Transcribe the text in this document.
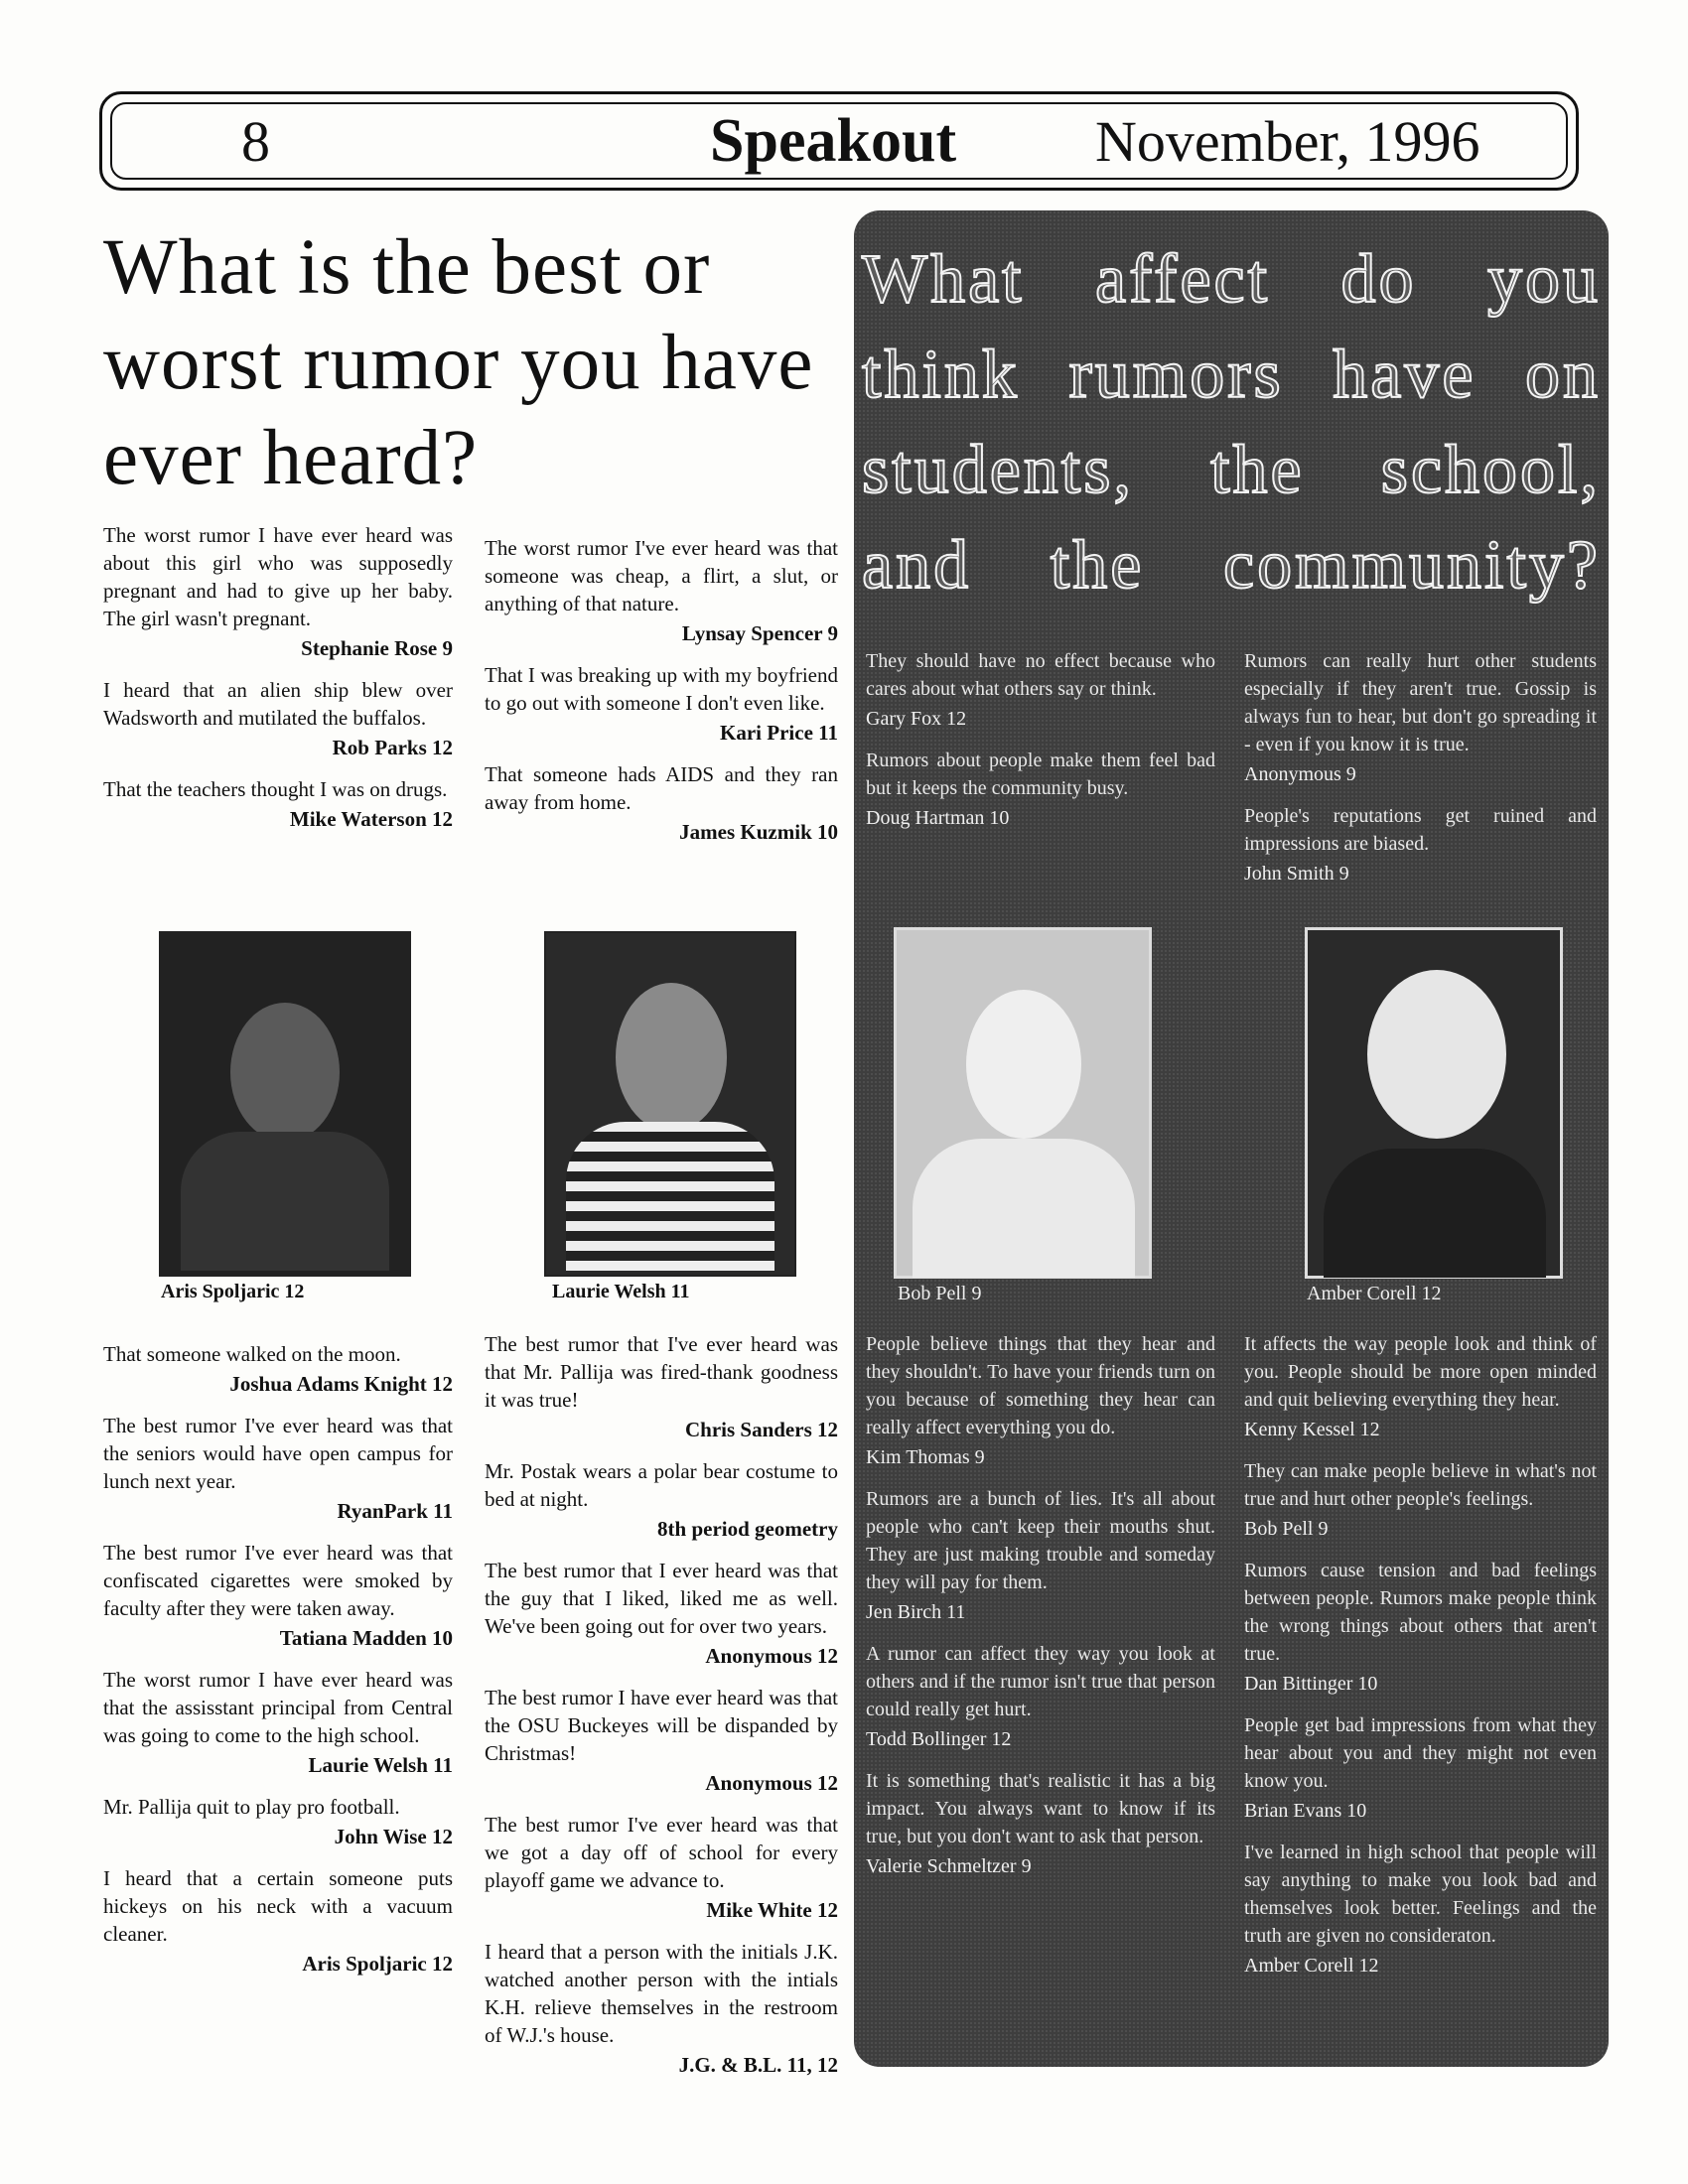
8	Speakout November, 1996
What is the best or worst rumor you have ever heard?

The worst rumor I have ever heard was about this girl who was supposedly pregnant and had to give up her baby. The girl wasn't pregnant.

Stephanie Rose 9

I heard that an alien ship blew over Wadsworth and mutilated the buffalos.

Rob Parks 12

That the teachers thought I was on drugs.

Mike Waterson 12

The worst rumor I've ever heard was that someone was cheap, a flirt, a slut, or anything of that nature.

Lynsay Spencer 9

That I was breaking up with my boyfriend to go out with someone I don't even like.

Kari Price 11

That someone hads AIDS and they ran away from home.

James Kuzmik 10

Aris Spoljaric 12	Laurie Welsh 11

That someone walked on the moon.

Joshua Adams Knight 12

The best rumor I've ever heard was that the seniors would have open campus for lunch next year.

RyanPark 11

The best rumor I've ever heard was that confiscated cigarettes were smoked by faculty after they were taken away.

Tatiana Madden 10

The worst rumor I have ever heard was that the assisstant principal from Central was going to come to the high school.

Laurie Welsh 11

Mr. Pallija quit to play pro football.

John Wise 12

I heard that a certain someone puts hickeys on his neck with a vacuum cleaner.

Aris Spoljaric 12

The best rumor that I've ever heard was that Mr. Pallija was fired-thank goodness it was true!

Chris Sanders 12

Mr. Postak wears a polar bear costume to bed at night.

8th period geometry

The best rumor that I ever heard was that the guy that I liked, liked me as well. We've been going out for over two years.

Anonymous 12

The best rumor I have ever heard was that the OSU Buckeyes will be dispanded by Christmas!

Anonymous 12

The best rumor I've ever heard was that we got a day off of school for every playoff game we advance to.

Mike White 12

I heard that a person with the initials J.K. watched another person with the intials K.H. relieve themselves in the restroom of W.J.'s house.

J.G. & B.L. 11, 12

What affect do you think rumors have on students, the school, and the community?

They should have no effect because who cares about what others say or think.

Gary Fox 12

Rumors about people make them feel bad but it keeps the community busy.

Doug Hartman 10

Rumors can really hurt other students especially if they aren't true. Gossip is always fun to hear, but don't go spreading it - even if you know it is true.

Anonymous 9

People's reputations get ruined and impressions are biased.

John Smith 9

Bob Pell 9	Amber Corell 12

People believe things that they hear and they shouldn't. To have your friends turn on you because of something they hear can really affect everything you do.

Kim Thomas 9

Rumors are a bunch of lies. It's all about people who can't keep their mouths shut. They are just making trouble and someday they will pay for them.

Jen Birch 11

A rumor can affect they way you look at others and if the rumor isn't true that person could really get hurt.

Todd Bollinger 12

It is something that's realistic it has a big impact. You always want to know if its true, but you don't want to ask that person.

Valerie Schmeltzer 9

It affects the way people look and think of you. People should be more open minded and quit believing everything they hear.

Kenny Kessel 12

They can make people believe in what's not true and hurt other people's feelings.

Bob Pell 9

Rumors cause tension and bad feelings between people. Rumors make people think the wrong things about others that aren't true.

Dan Bittinger 10

People get bad impressions from what they hear about you and they might not even know you.

Brian Evans 10

I've learned in high school that people will say anything to make you look bad and themselves look better. Feelings and the truth are given no consideraton.

Amber Corell 12
